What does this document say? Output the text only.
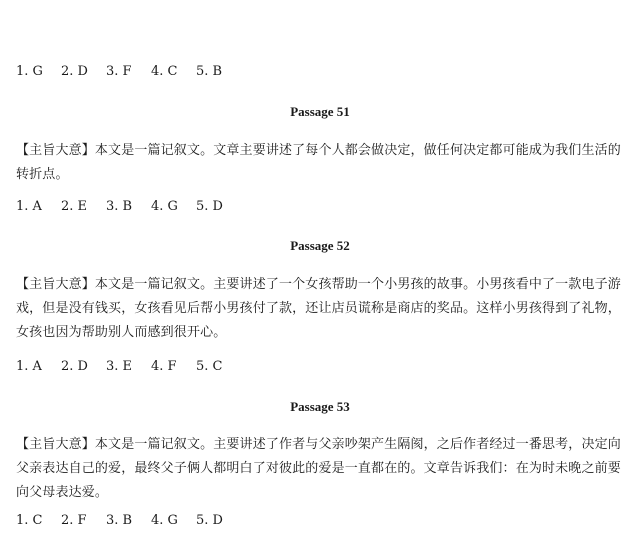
1. G 2. D 3. F 4. C 5. B
Passage 51
【主旨大意】本文是一篇记叙文。文章主要讲述了每个人都会做决定，做任何决定都可能成为我们生活的转折点。
1. A 2. E 3. B 4. G 5. D
Passage 52
【主旨大意】本文是一篇记叙文。主要讲述了一个女孩帮助一个小男孩的故事。小男孩看中了一款电子游戏，但是没有钱买，女孩看见后帮小男孩付了款，还让店员谎称是商店的奖品。这样小男孩得到了礼物，女孩也因为帮助别人而感到很开心。
1. A 2. D 3. E 4. F 5. C
Passage 53
【主旨大意】本文是一篇记叙文。主要讲述了作者与父亲吵架产生隔阂，之后作者经过一番思考，决定向父亲表达自己的爱，最终父子俩人都明白了对彼此的爱是一直都在的。文章告诉我们：在为时未晚之前要向父母表达爱。
1. C 2. F 3. B 4. G 5. D
